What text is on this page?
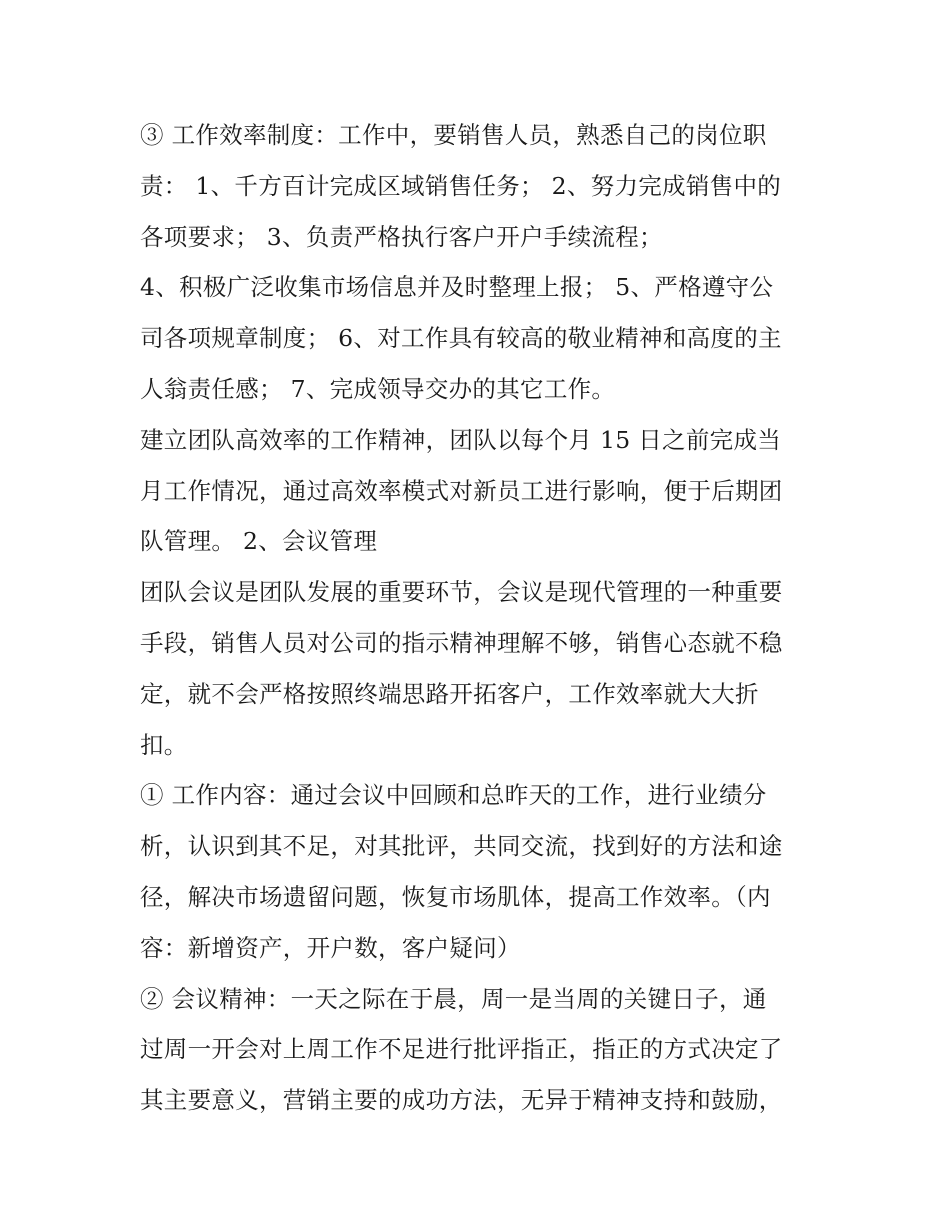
③ 工作效率制度：工作中，要销售人员，熟悉自己的岗位职
责： 1、千方百计完成区域销售任务； 2、努力完成销售中的
各项要求； 3、负责严格执行客户开户手续流程；
4、积极广泛收集市场信息并及时整理上报； 5、严格遵守公
司各项规章制度； 6、对工作具有较高的敬业精神和高度的主
人翁责任感； 7、完成领导交办的其它工作。
建立团队高效率的工作精神，团队以每个月 15 日之前完成当
月工作情况，通过高效率模式对新员工进行影响，便于后期团
队管理。 2、会议管理
团队会议是团队发展的重要环节，会议是现代管理的一种重要
手段，销售人员对公司的指示精神理解不够，销售心态就不稳
定，就不会严格按照终端思路开拓客户，工作效率就大大折
扣。
① 工作内容：通过会议中回顾和总昨天的工作，进行业绩分
析，认识到其不足，对其批评，共同交流，找到好的方法和途
径，解决市场遗留问题，恢复市场肌体，提高工作效率。（内
容：新增资产，开户数，客户疑问）
② 会议精神：一天之际在于晨，周一是当周的关键日子，通
过周一开会对上周工作不足进行批评指正，指正的方式决定了
其主要意义，营销主要的成功方法，无异于精神支持和鼓励，
